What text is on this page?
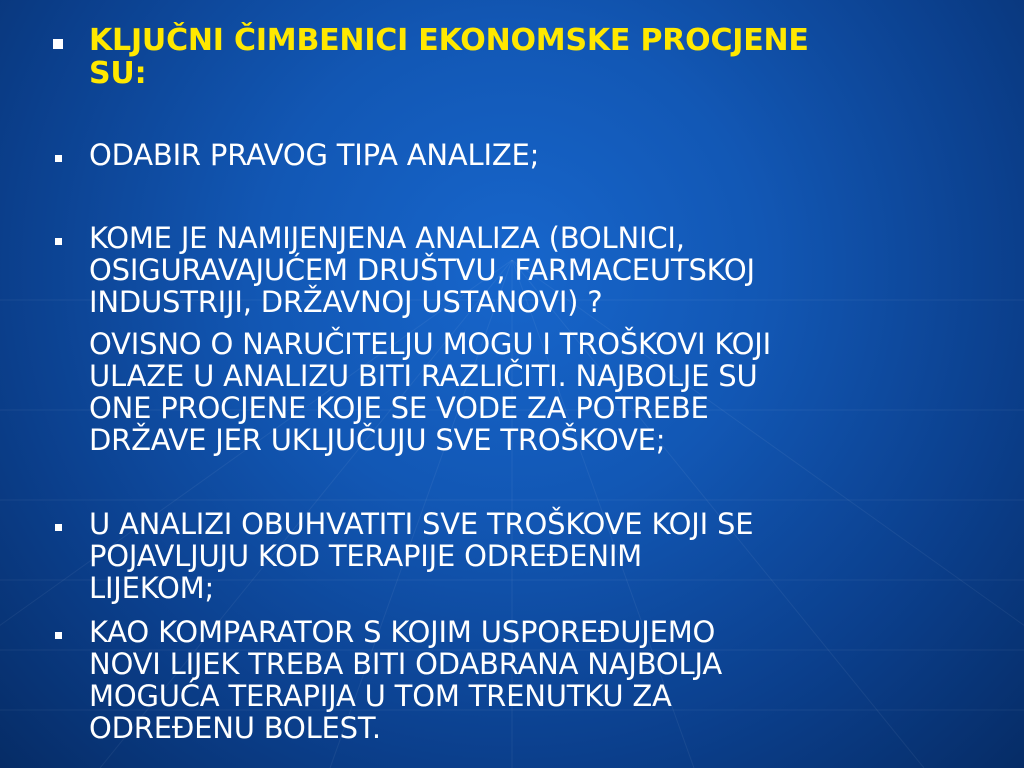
KLJUČNI ČIMBENICI EKONOMSKE PROCJENE
SU:
ODABIR PRAVOG TIPA ANALIZE;
KOME JE NAMIJENJENA ANALIZA (BOLNICI,
OSIGURAVAJUĆEM DRUŠTVU, FARMACEUTSKOJ
INDUSTRIJI, DRŽAVNOJ USTANOVI) ?
OVISNO O NARUČITELJU MOGU I TROŠKOVI KOJI
ULAZE U ANALIZU BITI RAZLIČITI. NAJBOLJE SU
ONE PROCJENE KOJE SE VODE ZA POTREBE
DRŽAVE JER UKLJUČUJU SVE TROŠKOVE;
U ANALIZI OBUHVATITI SVE TROŠKOVE KOJI SE
POJAVLJUJU KOD TERAPIJE ODREĐENIM
LIJEKOM;
KAO KOMPARATOR S KOJIM USPOREĐUJEMO
NOVI LIJEK TREBA BITI ODABRANA NAJBOLJA
MOGUĆA TERAPIJA U TOM TRENUTKU ZA
ODREĐENU BOLEST.
